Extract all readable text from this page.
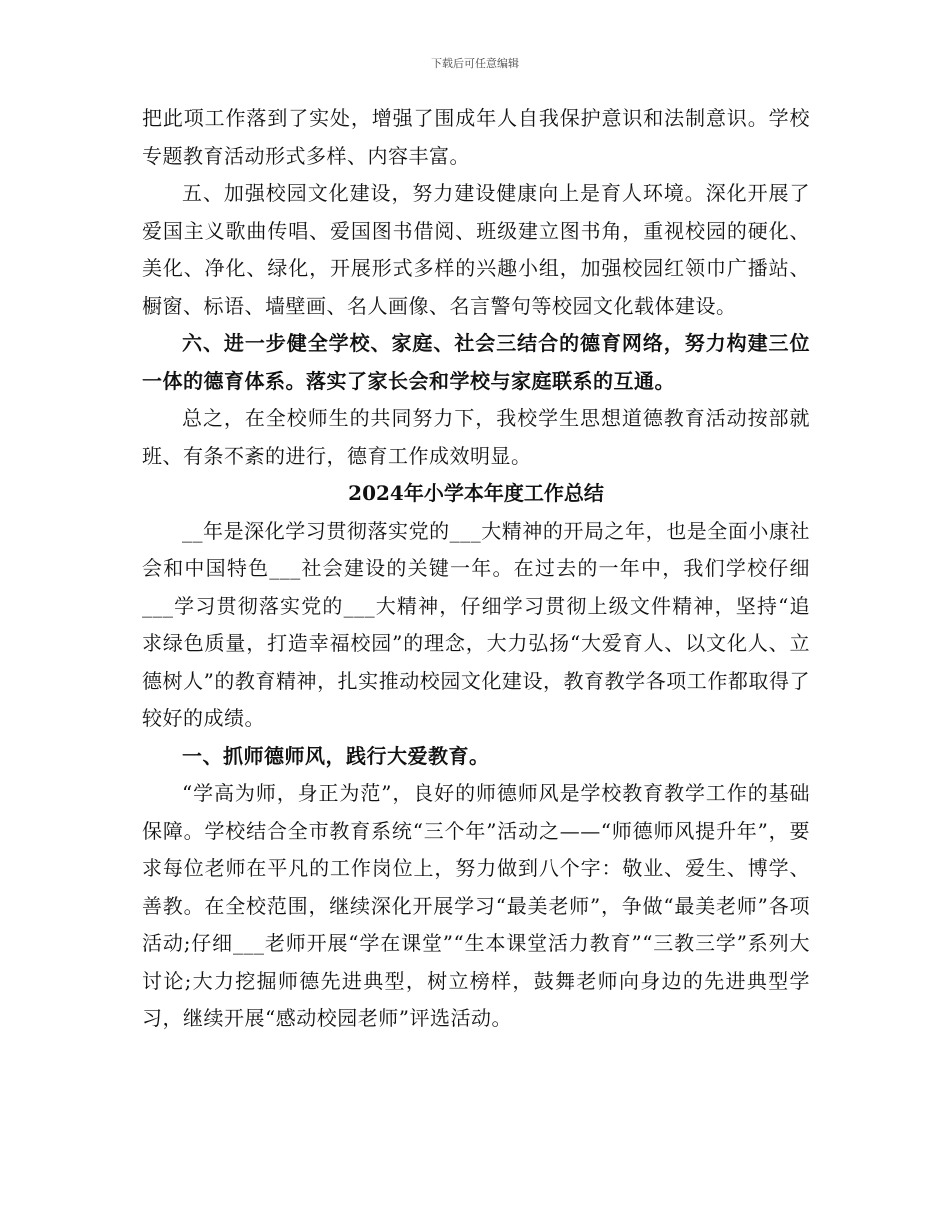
下载后可任意编辑

把此项工作落到了实处，增强了围成年人自我保护意识和法制意识。学校专题教育活动形式多样、内容丰富。

五、加强校园文化建设，努力建设健康向上是育人环境。深化开展了爱国主义歌曲传唱、爱国图书借阅、班级建立图书角，重视校园的硬化、美化、净化、绿化，开展形式多样的兴趣小组，加强校园红领巾广播站、橱窗、标语、墙壁画、名人画像、名言警句等校园文化载体建设。

六、进一步健全学校、家庭、社会三结合的德育网络，努力构建三位一体的德育体系。落实了家长会和学校与家庭联系的互通。

总之，在全校师生的共同努力下，我校学生思想道德教育活动按部就班、有条不紊的进行，德育工作成效明显。

2024年小学本年度工作总结

__年是深化学习贯彻落实党的___大精神的开局之年，也是全面小康社会和中国特色___社会建设的关键一年。在过去的一年中，我们学校仔细___学习贯彻落实党的___大精神，仔细学习贯彻上级文件精神，坚持“追求绿色质量，打造幸福校园”的理念，大力弘扬“大爱育人、以文化人、立德树人”的教育精神，扎实推动校园文化建设，教育教学各项工作都取得了较好的成绩。

一、抓师德师风，践行大爱教育。

“学高为师，身正为范”，良好的师德师风是学校教育教学工作的基础保障。学校结合全市教育系统“三个年”活动之——“师德师风提升年”，要求每位老师在平凡的工作岗位上，努力做到八个字：敬业、爱生、博学、善教。在全校范围，继续深化开展学习“最美老师”，争做“最美老师”各项活动;仔细___老师开展“学在课堂”“生本课堂活力教育”“三教三学”系列大讨论;大力挖掘师德先进典型，树立榜样，鼓舞老师向身边的先进典型学习，继续开展“感动校园老师”评选活动。
